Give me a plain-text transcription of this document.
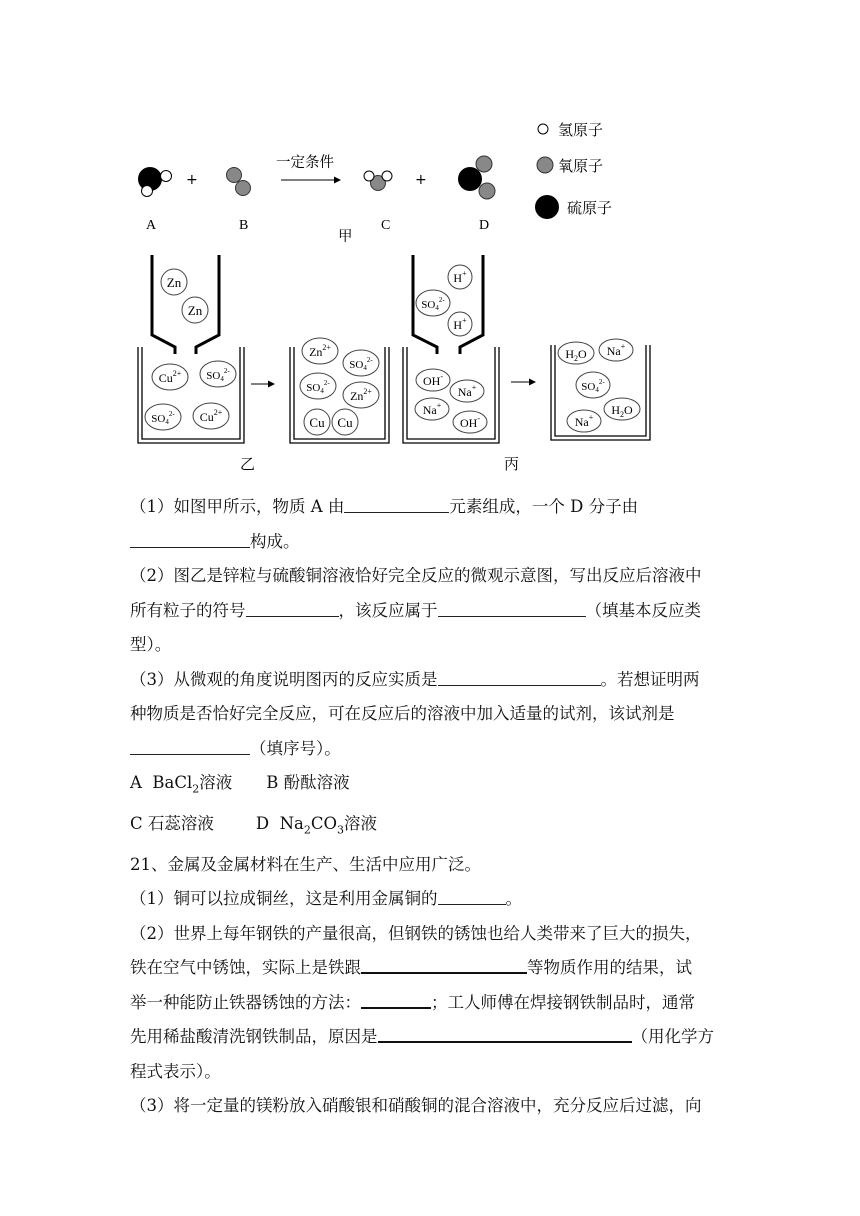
+
一定条件
+
A	B	C	D
甲
氢原子
氧原子
硫原子
Zn
Zn
$Cu^{2+}$ $SO4^{2-}$
$SO4^{2-}$ $Cu^{2+}$
$Zn^{2+}$
$SO4^{2-}$
$SO4^{2-}$
$Zn^{2+}$
Cu Cu
H+
$SO4^{2-}$
H+
OH-
Na+
Na+
OH-
$H_2O$ Na+
$SO4^{2-}$
$H_2O$
Na+
乙	丙
（1）如图甲所示，物质 A 由	元素组成，一个 D 分子由
构成。
（2）图乙是锌粒与硫酸铜溶液恰好完全反应的微观示意图，写出反应后溶液中
所有粒子的符号	，该反应属于	（填基本反应类
型）。
（3）从微观的角度说明图丙的反应实质是	。若想证明两
种物质是否恰好完全反应，可在反应后的溶液中加入适量的试剂，该试剂是
（填序号）。
A BaCl$_2$溶液 B 酚酞溶液
C 石蕊溶液	D $Na_2CO_3$溶液
21、金属及金属材料在生产、生活中应用广泛。
（1）铜可以拉成铜丝，这是利用金属铜的	。
（2）世界上每年钢铁的产量很高，但钢铁的锈蚀也给人类带来了巨大的损失，
铁在空气中锈蚀，实际上是铁跟	等物质作用的结果，试
举一种能防止铁器锈蚀的方法：	；工人师傅在焊接钢铁制品时，通常
先用稀盐酸清洗钢铁制品，原因是	（用化学方
程式表示）。
（3）将一定量的镁粉放入硝酸银和硝酸铜的混合溶液中，充分反应后过滤，向
